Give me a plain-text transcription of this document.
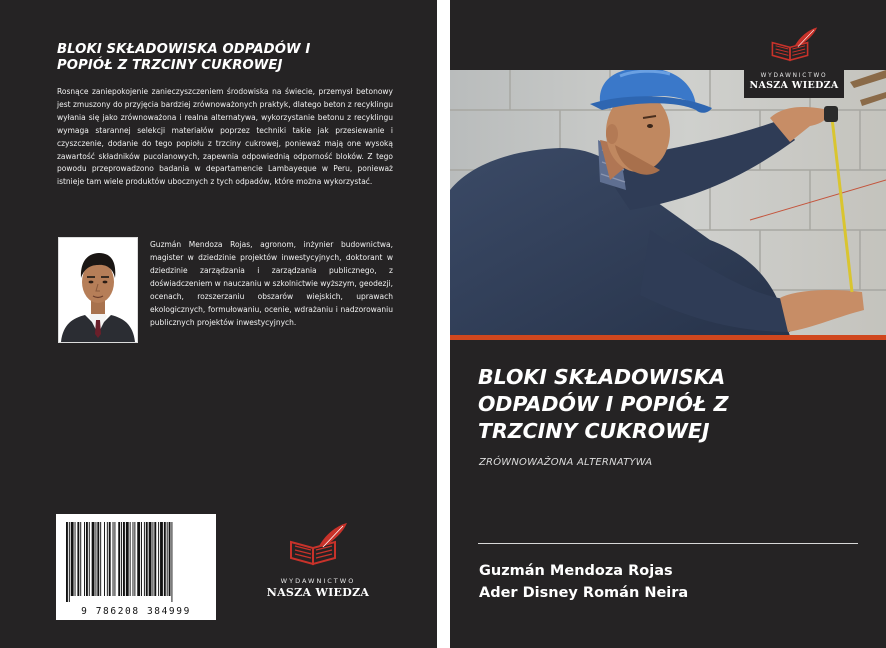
BLOKI SKŁADOWISKA ODPADÓW I
POPIÓŁ Z TRZCINY CUKROWEJ

Rosnące zaniepokojenie zanieczyszczeniem środowiska na świecie, przemysł betonowy jest zmuszony do przyjęcia bardziej zrównoważonych praktyk, dlatego beton z recyklingu wyłania się jako zrównoważona i realna alternatywa, wykorzystanie betonu z recyklingu wymaga starannej selekcji materiałów poprzez techniki takie jak przesiewanie i czyszczenie, dodanie do tego popiołu z trzciny cukrowej, ponieważ mają one wysoką zawartość składników pucolanowych, zapewnia odpowiednią odporność bloków. Z tego powodu przeprowadzono badania w departamencie Lambayeque w Peru, ponieważ istnieje tam wiele produktów ubocznych z tych odpadów, które można wykorzystać.

Guzmán Mendoza Rojas, agronom, inżynier budownictwa, magister w dziedzinie projektów inwestycyjnych, doktorant w dziedzinie zarządzania i zarządzania publicznego, z doświadczeniem w nauczaniu w szkolnictwie wyższym, geodezji, ocenach, rozszerzaniu obszarów wiejskich, uprawach ekologicznych, formułowaniu, ocenie, wdrażaniu i nadzorowaniu publicznych projektów inwestycyjnych.

9 786208 384999
WYDAWNICTWO
NASZA WIEDZA
WYDAWNICTWO
NASZA WIEDZA
BLOKI SKŁADOWISKA
ODPADÓW I POPIÓŁ Z
TRZCINY CUKROWEJ
ZRÓWNOWAŻONA ALTERNATYWA
Guzmán Mendoza Rojas
Ader Disney Román Neira
